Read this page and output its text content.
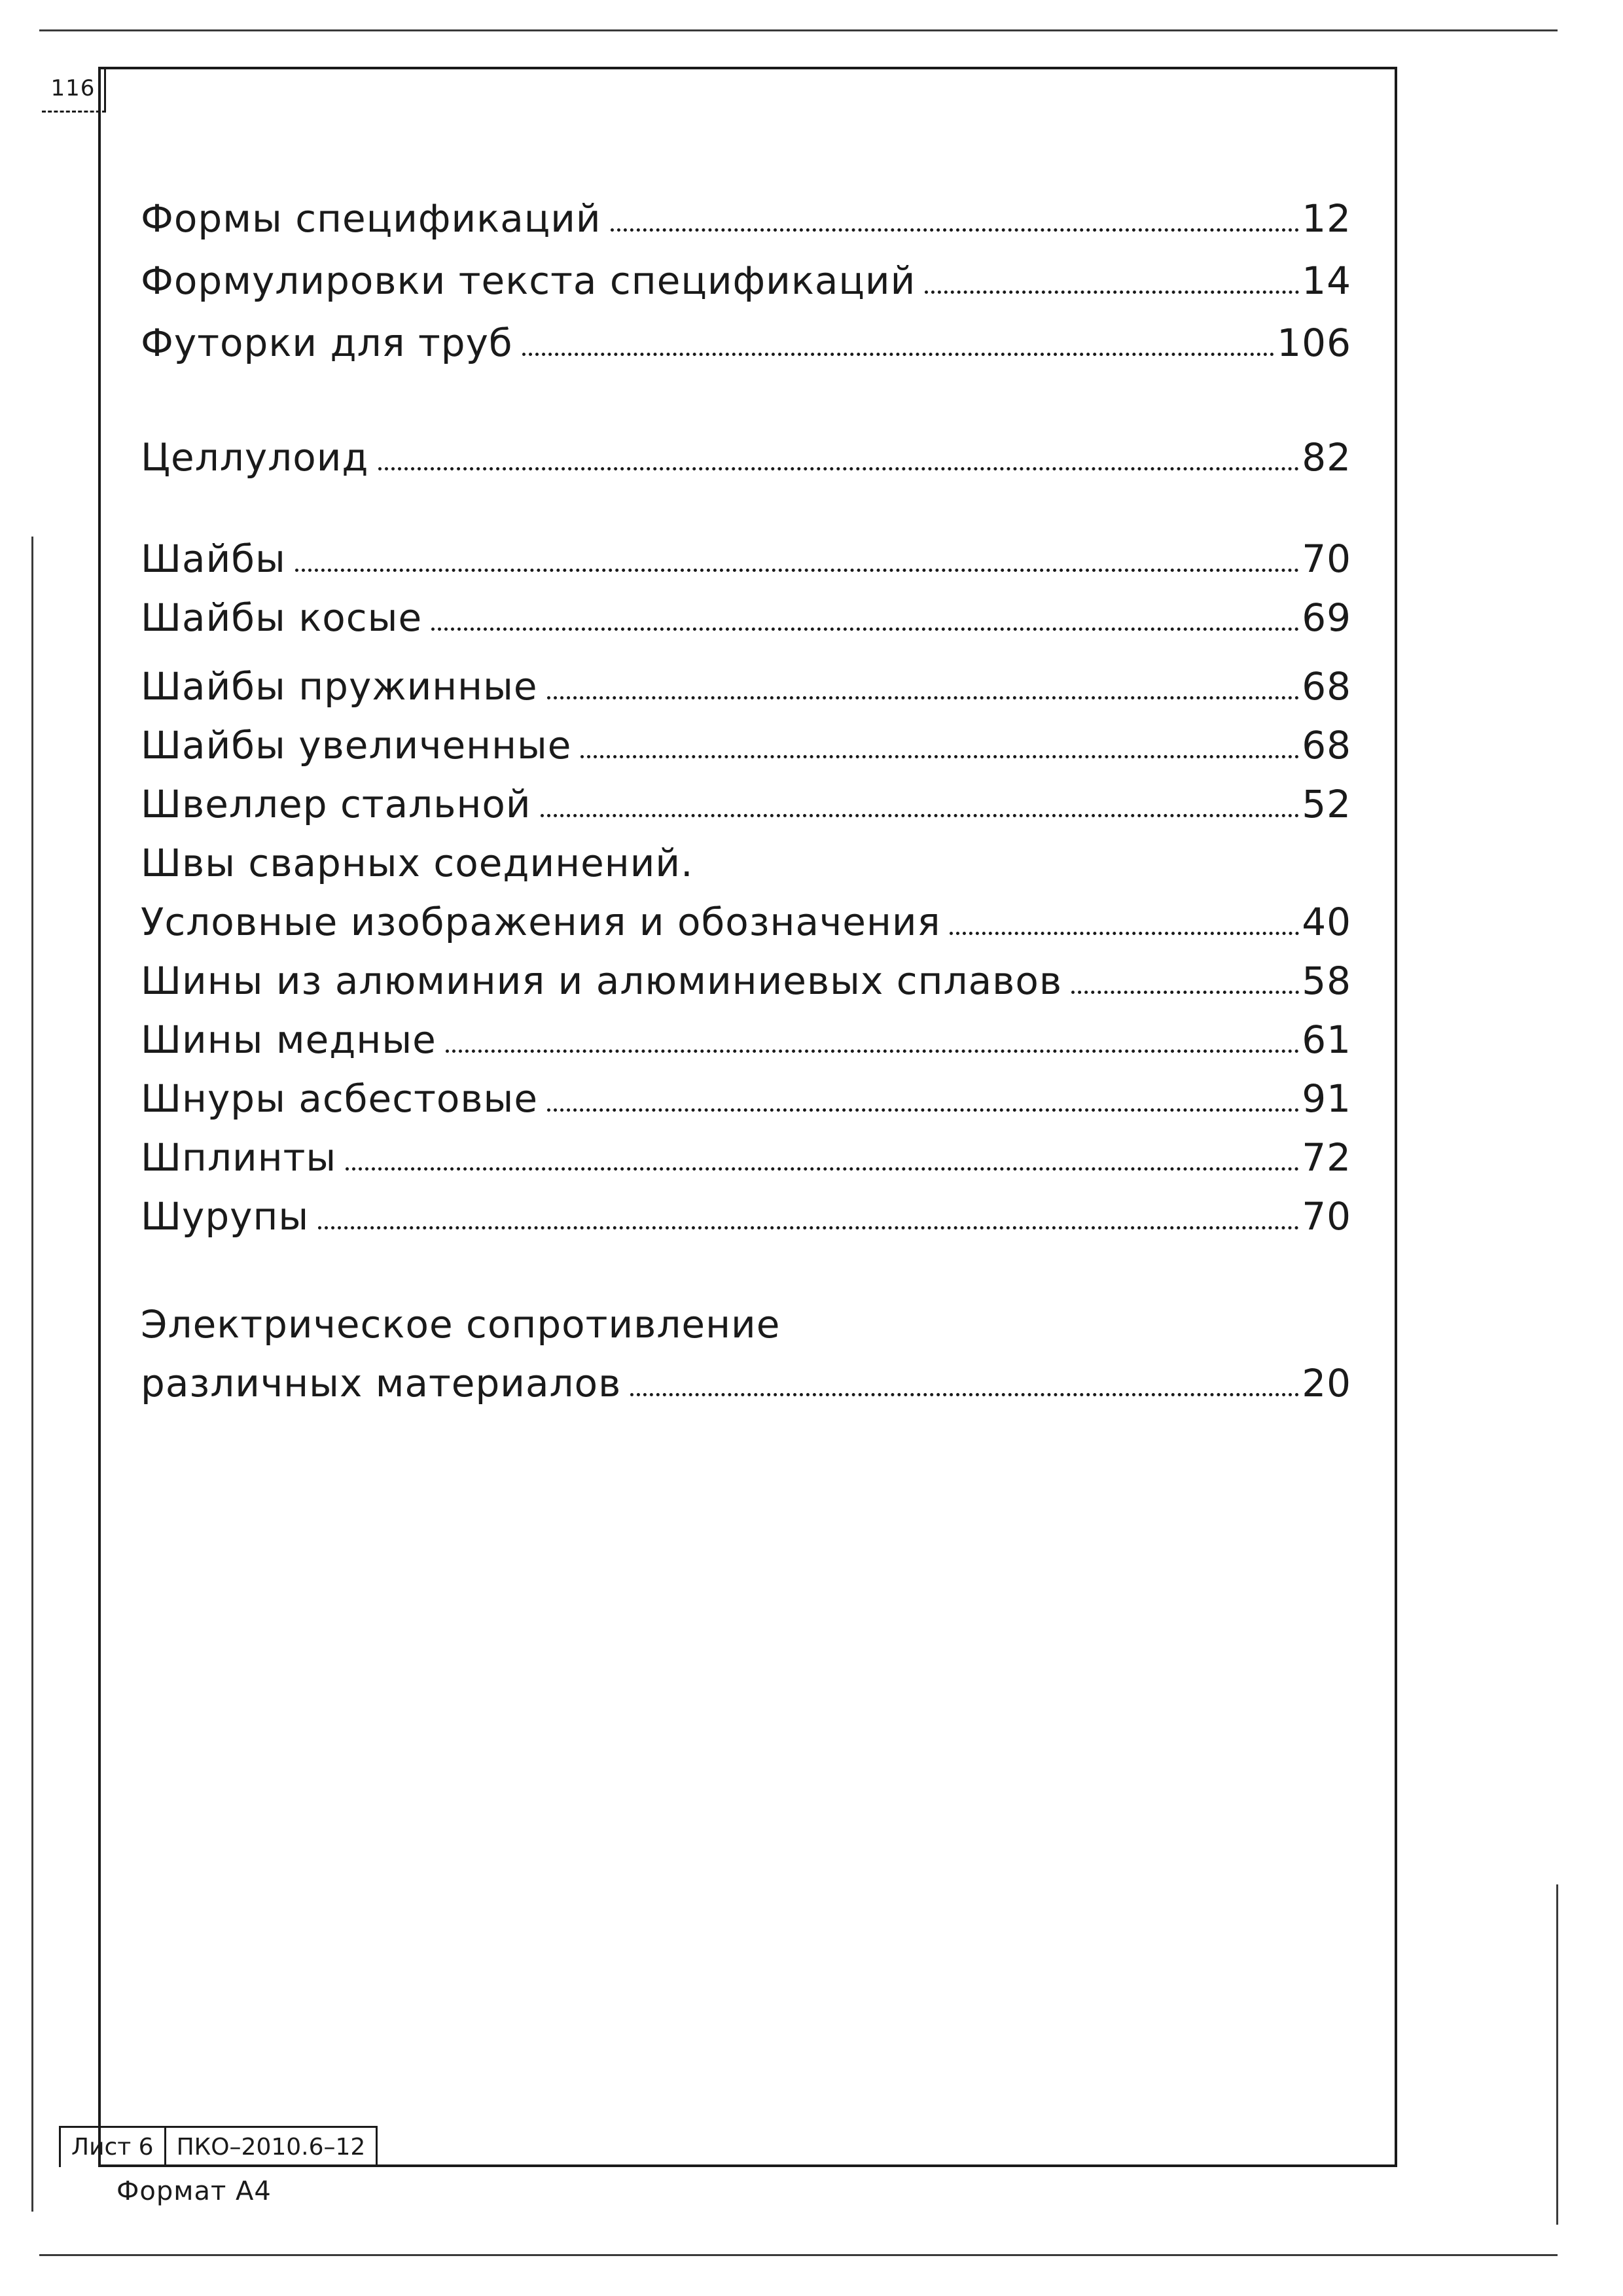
116
Формы спецификаций	12
Формулировки текста спецификаций	14
Футорки для труб	106
Целлулоид	82
Шайбы	70
Шайбы косые	69
Шайбы пружинные	68
Шайбы увеличенные	68
Швеллер стальной	52
Швы сварных соединений.
Условные изображения и обозначения	40
Шины из алюминия и алюминиевых сплавов	58
Шины медные	61
Шнуры асбестовые	91
Шплинты	72
Шурупы	70
Электрическое сопротивление
различных материалов	20
Лист 6 ПКО–2010.6–12
Формат А4
